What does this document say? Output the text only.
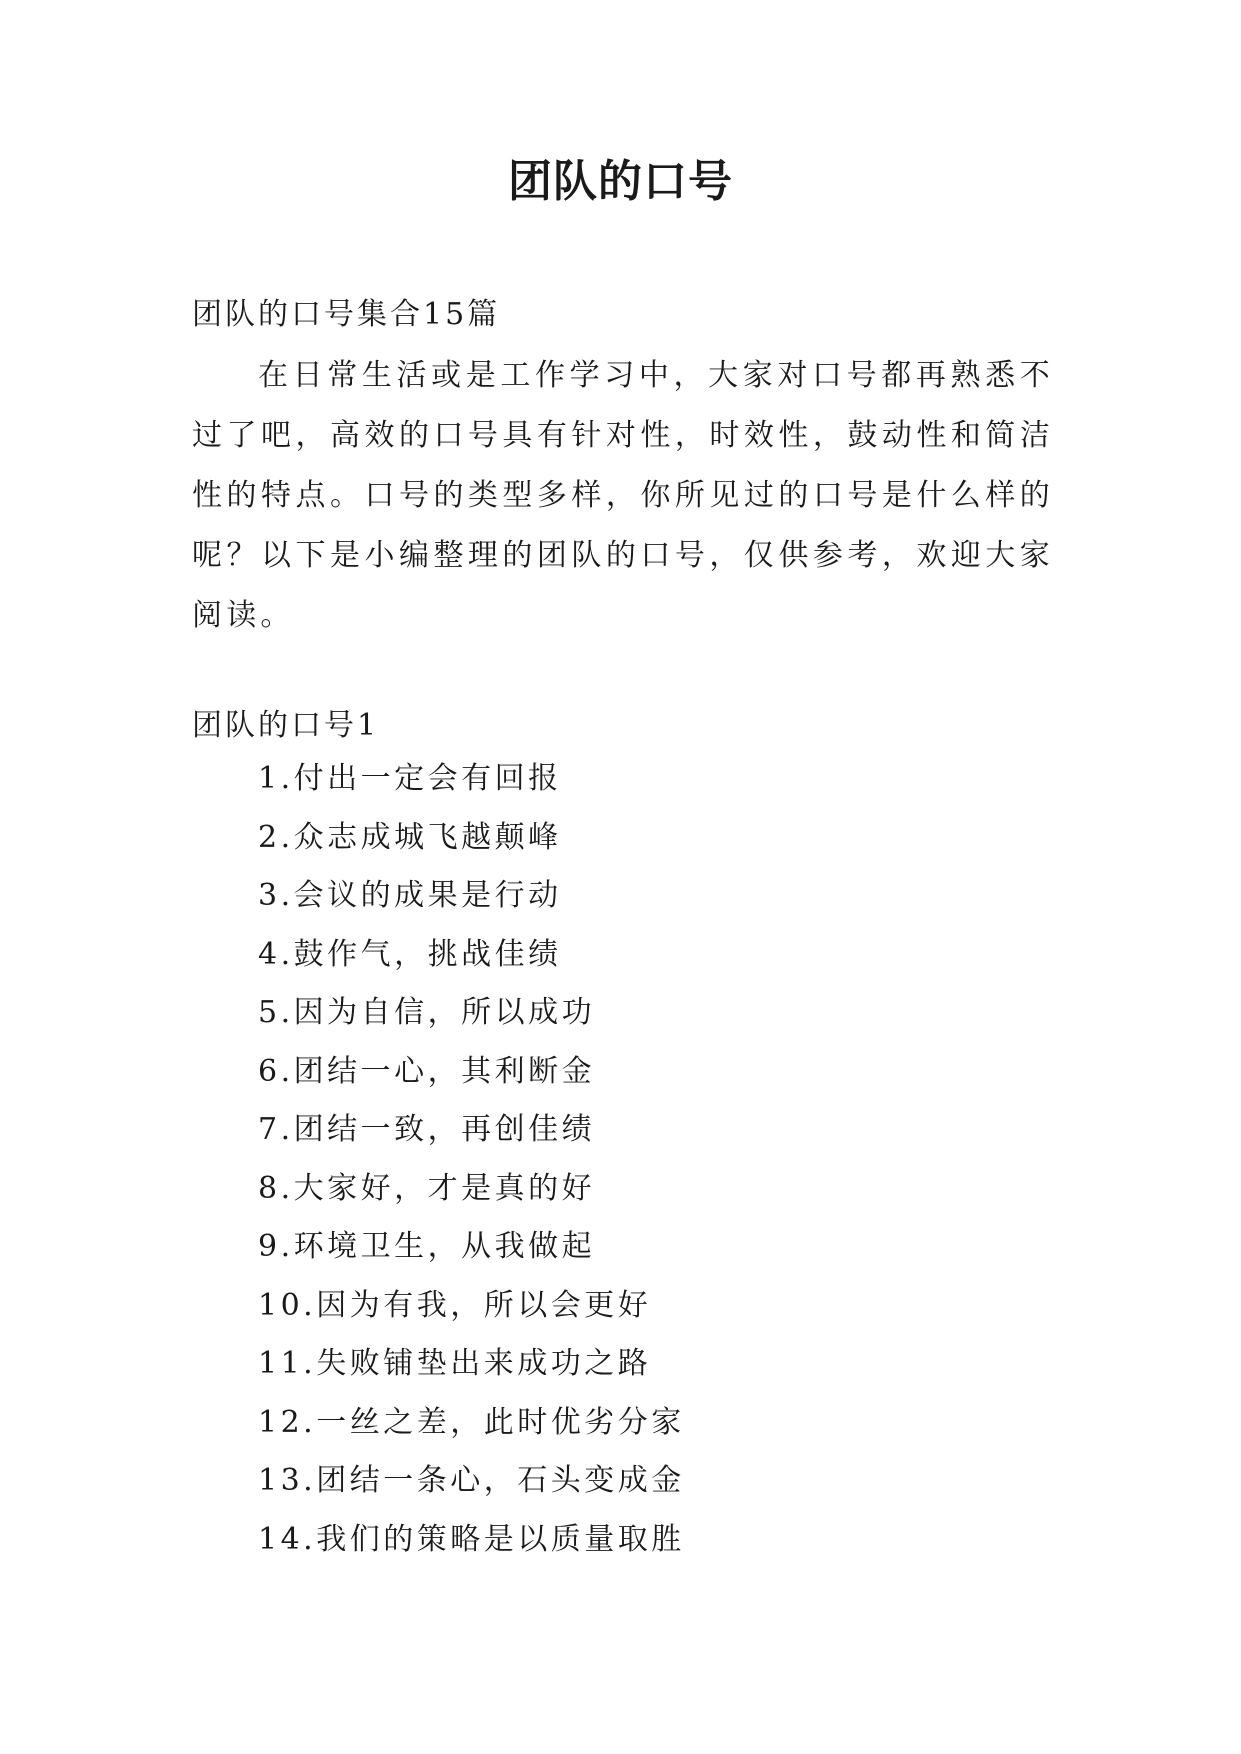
团队的口号
团队的口号集合15篇

在日常生活或是工作学习中，大家对口号都再熟悉不过了吧，高效的口号具有针对性，时效性，鼓动性和简洁性的特点。口号的类型多样，你所见过的口号是什么样的呢？以下是小编整理的团队的口号，仅供参考，欢迎大家阅读。

团队的口号1
1.付出一定会有回报
2.众志成城飞越颠峰
3.会议的成果是行动
4.鼓作气，挑战佳绩
5.因为自信，所以成功
6.团结一心，其利断金
7.团结一致，再创佳绩
8.大家好，才是真的好
9.环境卫生，从我做起
10.因为有我，所以会更好
11.失败铺垫出来成功之路
12.一丝之差，此时优劣分家
13.团结一条心，石头变成金
14.我们的策略是以质量取胜
